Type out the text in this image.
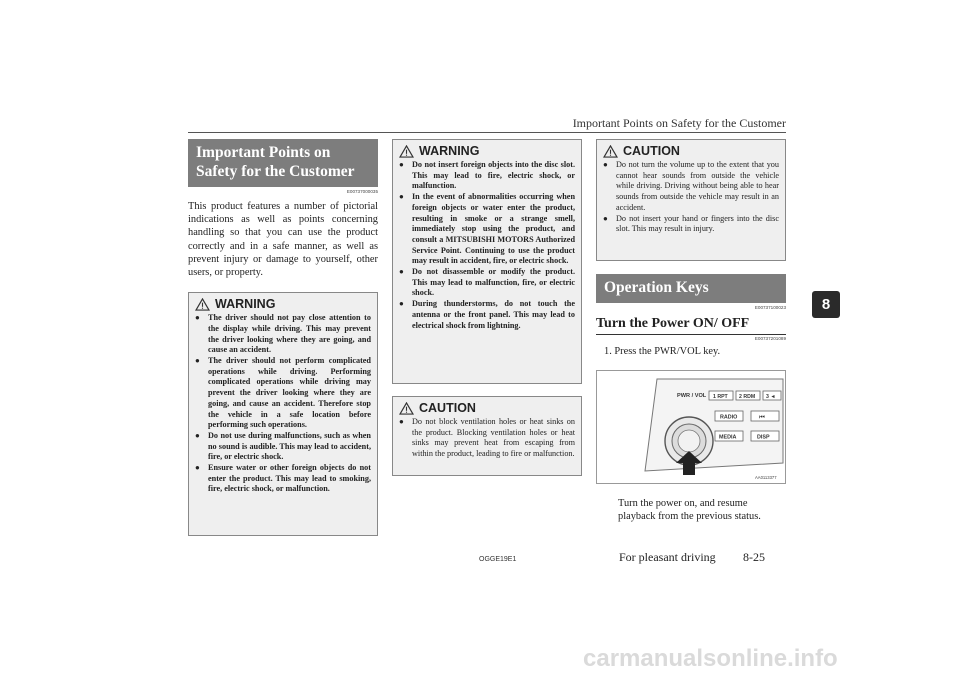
Important Points on Safety for the Customer
8
Important Points on Safety for the Customer
E00737000035
This product features a number of pictorial indications as well as points concerning handling so that you can use the product correctly and in a safe manner, as well as prevent injury or damage to yourself, other users, or property.
WARNING
● The driver should not pay close attention to the display while driving. This may prevent the driver looking where they are going, and cause an accident.
● The driver should not perform complicated operations while driving. Performing complicated operations while driving may prevent the driver looking where they are going, and cause an accident. Therefore stop the vehicle in a safe location before performing such operations.
● Do not use during malfunctions, such as when no sound is audible. This may lead to accident, fire, or electric shock.
● Ensure water or other foreign objects do not enter the product. This may lead to smoking, fire, electric shock, or malfunction.
WARNING
● Do not insert foreign objects into the disc slot. This may lead to fire, electric shock, or malfunction.
● In the event of abnormalities occurring when foreign objects or water enter the product, resulting in smoke or a strange smell, immediately stop using the product, and consult a MITSUBISHI MOTORS Authorized Service Point. Continuing to use the product may result in accident, fire, or electric shock.
● Do not disassemble or modify the product. This may lead to malfunction, fire, or electric shock.
● During thunderstorms, do not touch the antenna or the front panel. This may lead to electrical shock from lightning.
CAUTION
● Do not block ventilation holes or heat sinks on the product. Blocking ventilation holes or heat sinks may prevent heat from escaping from within the product, leading to fire or malfunction.
CAUTION
● Do not turn the volume up to the extent that you cannot hear sounds from outside the vehicle while driving. Driving without being able to hear sounds from outside the vehicle may result in an accident.
● Do not insert your hand or fingers into the disc slot. This may result in injury.
Operation Keys
E00737100023
Turn the Power ON/ OFF
E00737201089
1. Press the PWR/VOL key.
PWR / VOL 1 RPT 2 RDM 3 ◄
RADIO	⏮
MEDIA	DISP
AA0113377
Turn the power on, and resume playback from the previous status.
OGGE19E1	For pleasant driving 8-25
carmanualsonline.info
